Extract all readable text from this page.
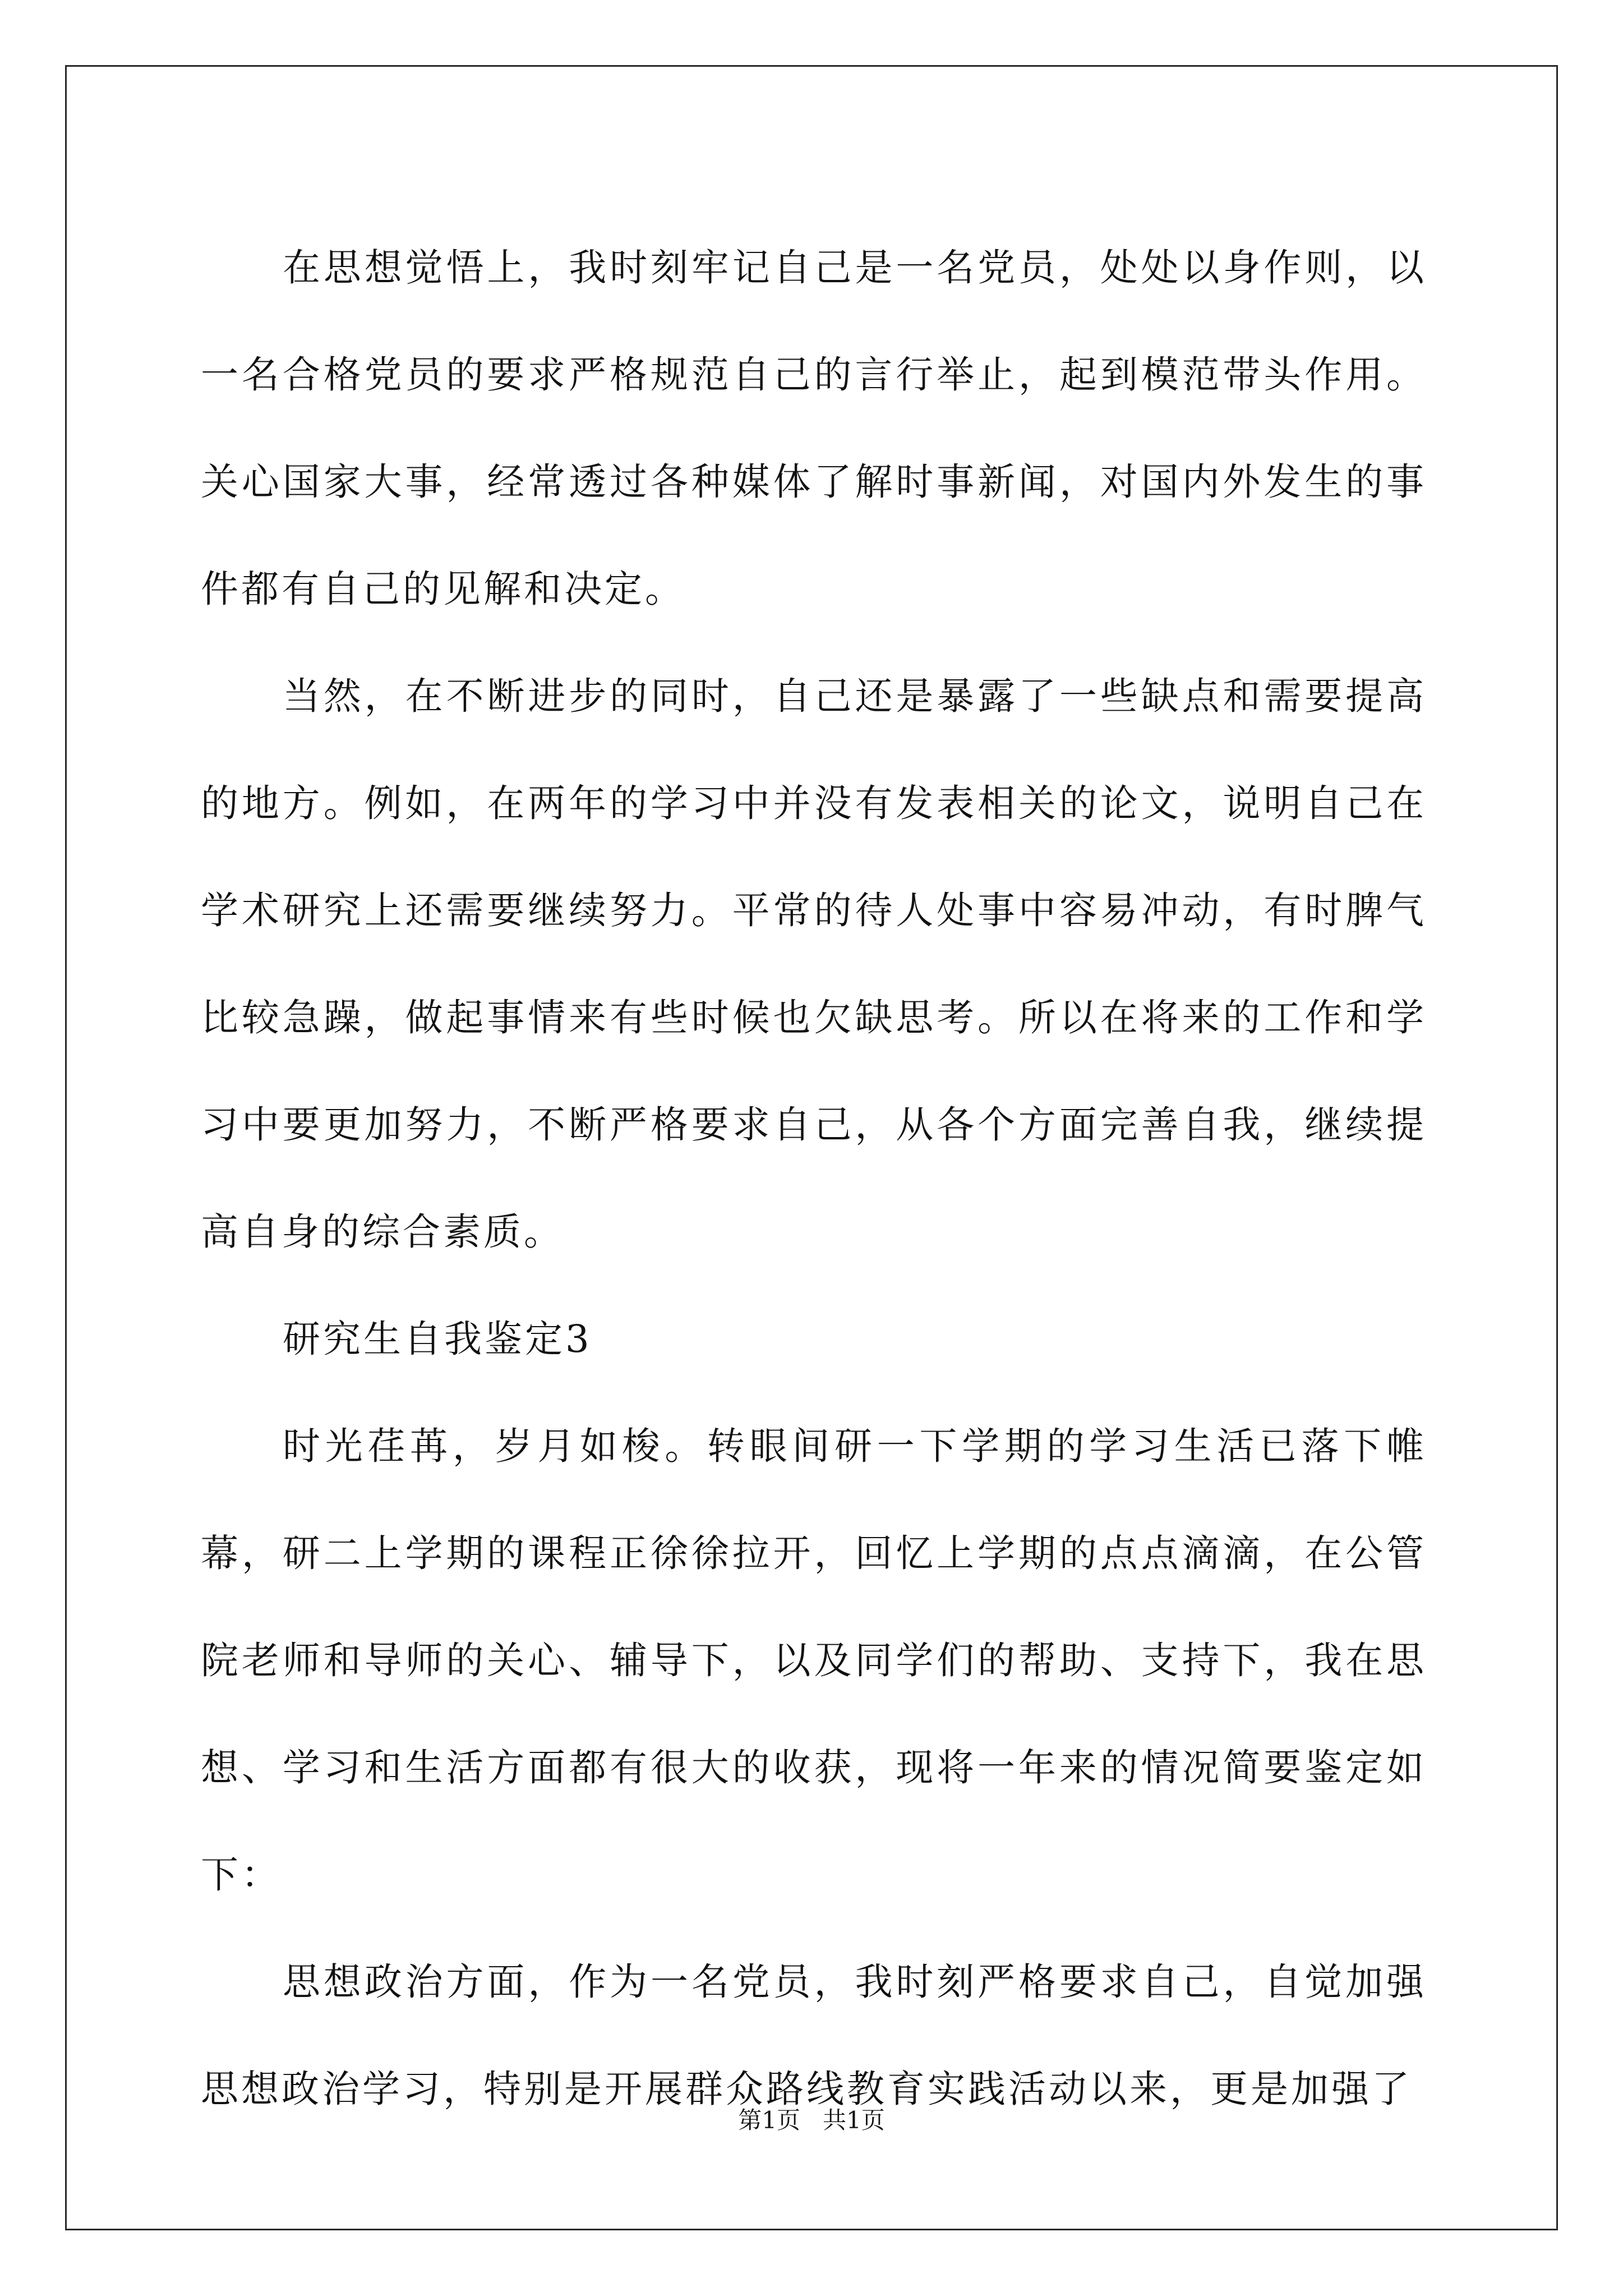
在思想觉悟上，我时刻牢记自己是一名党员，处处以身作则，以一名合格党员的要求严格规范自己的言行举止，起到模范带头作用。关心国家大事，经常透过各种媒体了解时事新闻，对国内外发生的事件都有自己的见解和决定。

当然，在不断进步的同时，自己还是暴露了一些缺点和需要提高的地方。例如，在两年的学习中并没有发表相关的论文，说明自己在学术研究上还需要继续努力。平常的待人处事中容易冲动，有时脾气比较急躁，做起事情来有些时候也欠缺思考。所以在将来的工作和学习中要更加努力，不断严格要求自己，从各个方面完善自我，继续提高自身的综合素质。

研究生自我鉴定3

时光荏苒，岁月如梭。转眼间研一下学期的学习生活已落下帷幕，研二上学期的课程正徐徐拉开，回忆上学期的点点滴滴，在公管院老师和导师的关心、辅导下，以及同学们的帮助、支持下，我在思想、学习和生活方面都有很大的收获，现将一年来的情况简要鉴定如下：

思想政治方面，作为一名党员，我时刻严格要求自己，自觉加强思想政治学习，特别是开展群众路线教育实践活动以来，更是加强了

第1页 共1页
